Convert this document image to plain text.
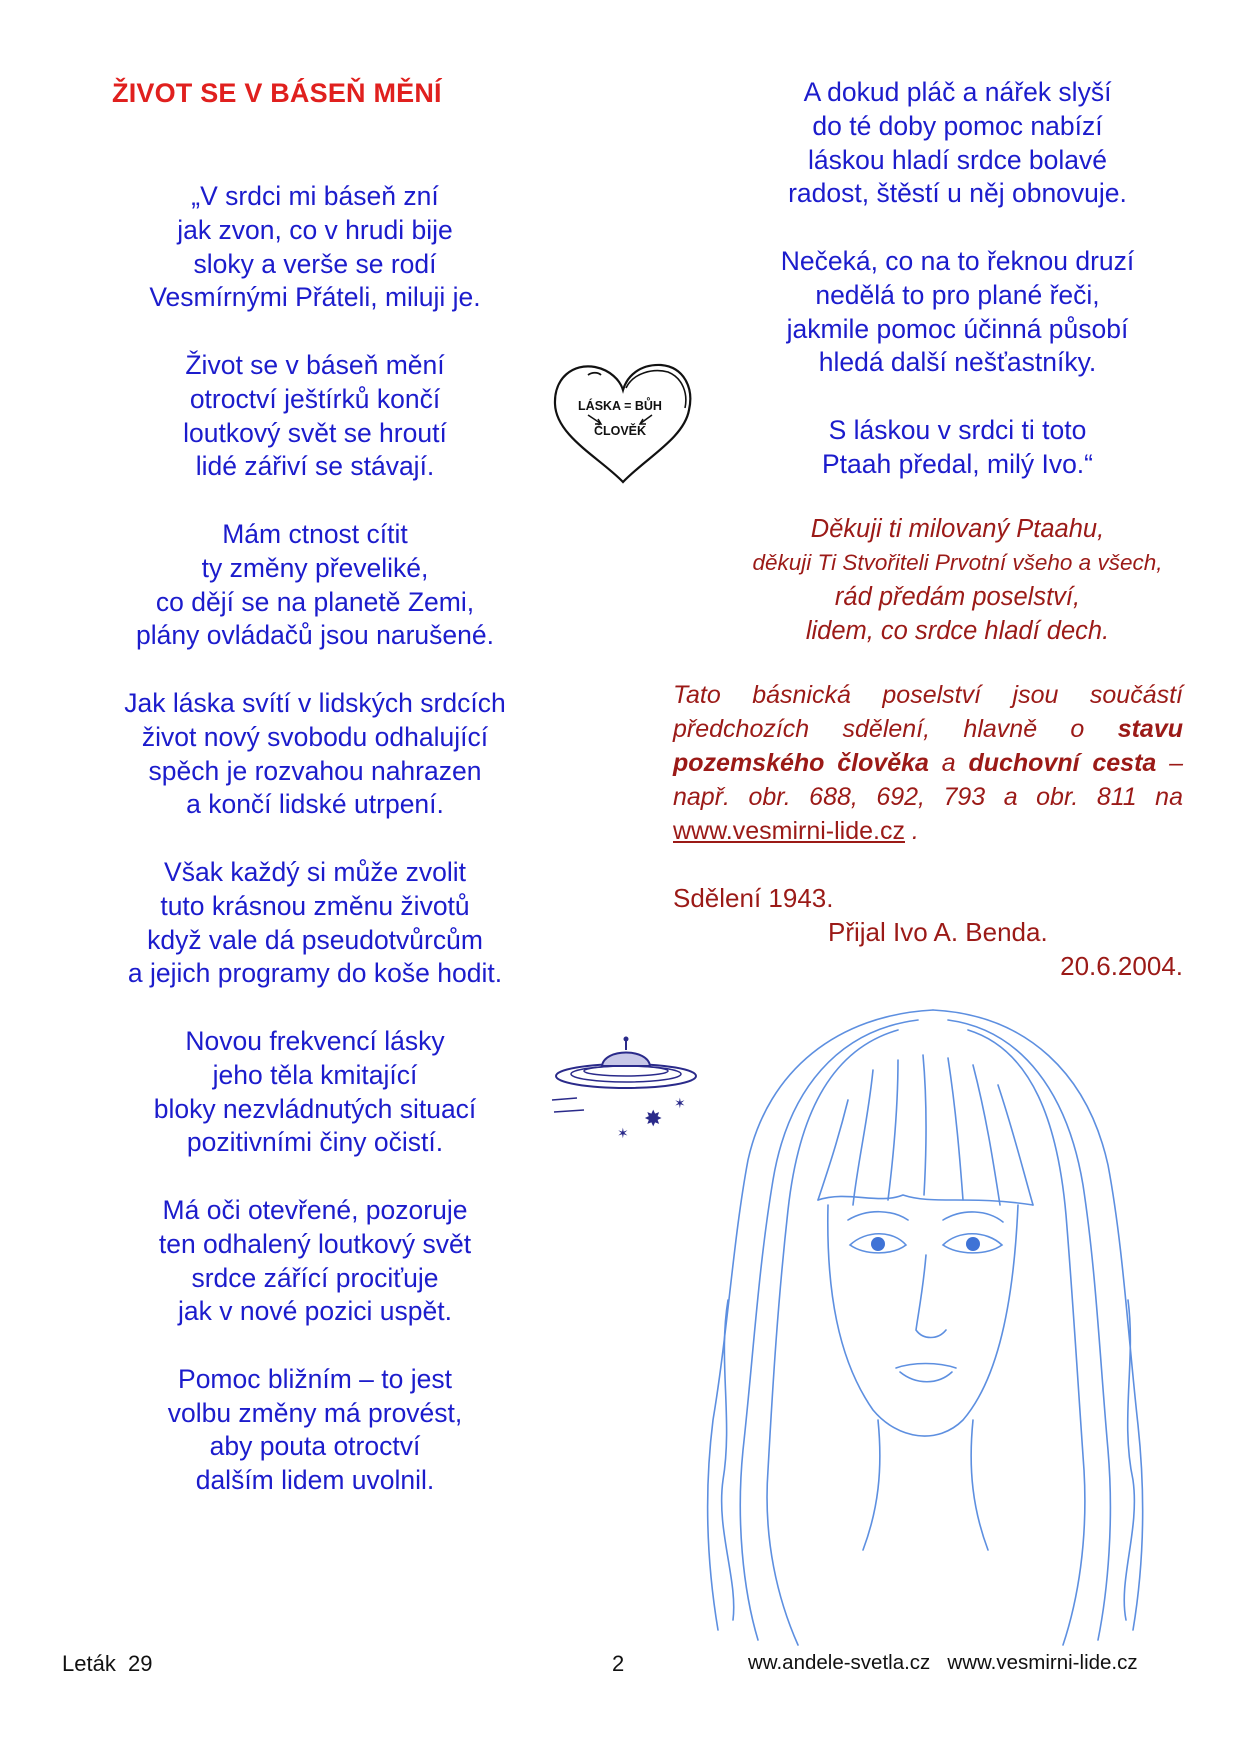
ŽIVOT SE V BÁSEŇ MĚNÍ
„V srdci mi báseň zní
jak zvon, co v hrudi bije
sloky a verše se rodí
Vesmírnými Přáteli, miluji je.
Život se v báseň mění
otroctví ještírků končí
loutkový svět se hroutí
lidé zářiví se stávají.
Mám ctnost cítit
ty změny převeliké,
co dějí se na planetě Zemi,
plány ovládačů jsou narušené.
Jak láska svítí v lidských srdcích
život nový svobodu odhalující
spěch je rozvahou nahrazen
a končí lidské utrpení.
Však každý si může zvolit
tuto krásnou změnu životů
když vale dá pseudotvůrcům
a jejich programy do koše hodit.
Novou frekvencí lásky
jeho těla kmitající
bloky nezvládnutých situací
pozitivními činy očistí.
Má oči otevřené, pozoruje
ten odhalený loutkový svět
srdce zářící prociťuje
jak v nové pozici uspět.
Pomoc bližním – to jest
volbu změny má provést,
aby pouta otroctví
dalším lidem uvolnil.
A dokud pláč a nářek slyší
do té doby pomoc nabízí
láskou hladí srdce bolavé
radost, štěstí u něj obnovuje.
Nečeká, co na to řeknou druzí
nedělá to pro plané řeči,
jakmile pomoc účinná působí
hledá další nešťastníky.
S láskou v srdci ti toto
Ptaah předal, milý Ivo.“
Děkuji ti milovaný Ptaahu,
děkuji Ti Stvořiteli Prvotní všeho a všech,
rád předám poselství,
lidem, co srdce hladí dech.
Tato básnická poselství jsou součástí předchozích sdělení, hlavně o stavu pozemského člověka a duchovní cesta – např. obr. 688, 692, 793 a obr. 811 na www.vesmirni-lide.cz .
Sdělení 1943.
Přijal Ivo A. Benda.
20.6.2004.
LÁSKA = BŮH
ČLOVĚK
✸
✶
✶
Leták  29	2	ww.andele-svetla.cz   www.vesmirni-lide.cz
